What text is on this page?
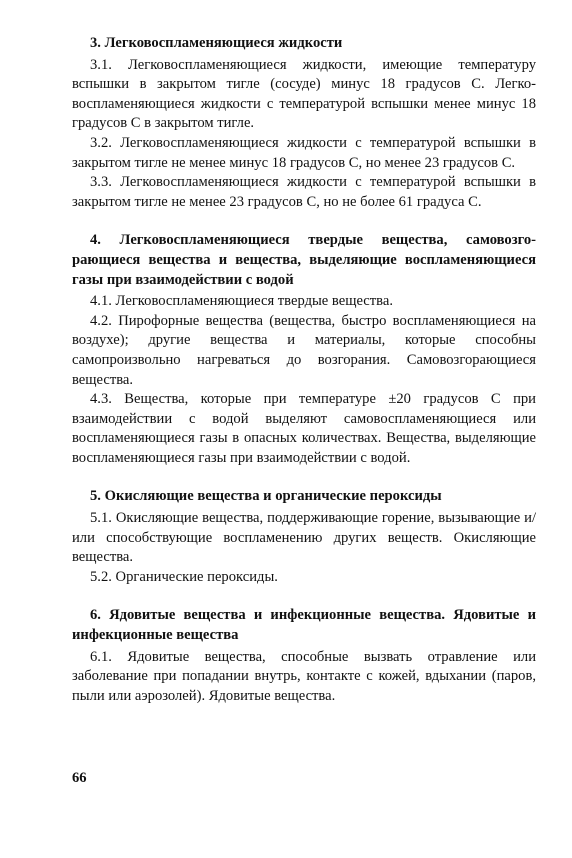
3. Легковоспламеняющиеся жидкости

3.1. Легковоспламеняющиеся жидкости, имеющие температуру вспышки в закрытом тигле (сосуде) минус 18 градусов С. Легковоспламеняющиеся жидкости с температурой вспышки менее минус 18 градусов С в закрытом тигле.

3.2. Легковоспламеняющиеся жидкости с температурой вспышки в закрытом тигле не менее минус 18 градусов С, но менее 23 градусов С.

3.3. Легковоспламеняющиеся жидкости с температурой вспышки в закрытом тигле не менее 23 градусов С, но не более 61 градуса С.

4. Легковоспламеняющиеся твердые вещества, самовозгорающиеся вещества и вещества, выделяющие воспламеняющиеся газы при взаимодействии с водой

4.1. Легковоспламеняющиеся твердые вещества.

4.2. Пирофорные вещества (вещества, быстро воспламеняющиеся на воздухе); другие вещества и материалы, которые способны самопроизвольно нагреваться до возгорания. Самовозгорающиеся вещества.

4.3. Вещества, которые при температуре ±20 градусов С при взаимодействии с водой выделяют самовоспламеняющиеся или воспламеняющиеся газы в опасных количествах. Вещества, выделяющие воспламеняющиеся газы при взаимодействии с водой.

5. Окисляющие вещества и органические пероксиды

5.1. Окисляющие вещества, поддерживающие горение, вызывающие и/или способствующие воспламенению других веществ. Окисляющие вещества.

5.2. Органические пероксиды.

6. Ядовитые вещества и инфекционные вещества. Ядовитые и инфекционные вещества

6.1. Ядовитые вещества, способные вызвать отравление или заболевание при попадании внутрь, контакте с кожей, вдыхании (паров, пыли или аэрозолей). Ядовитые вещества.

66
